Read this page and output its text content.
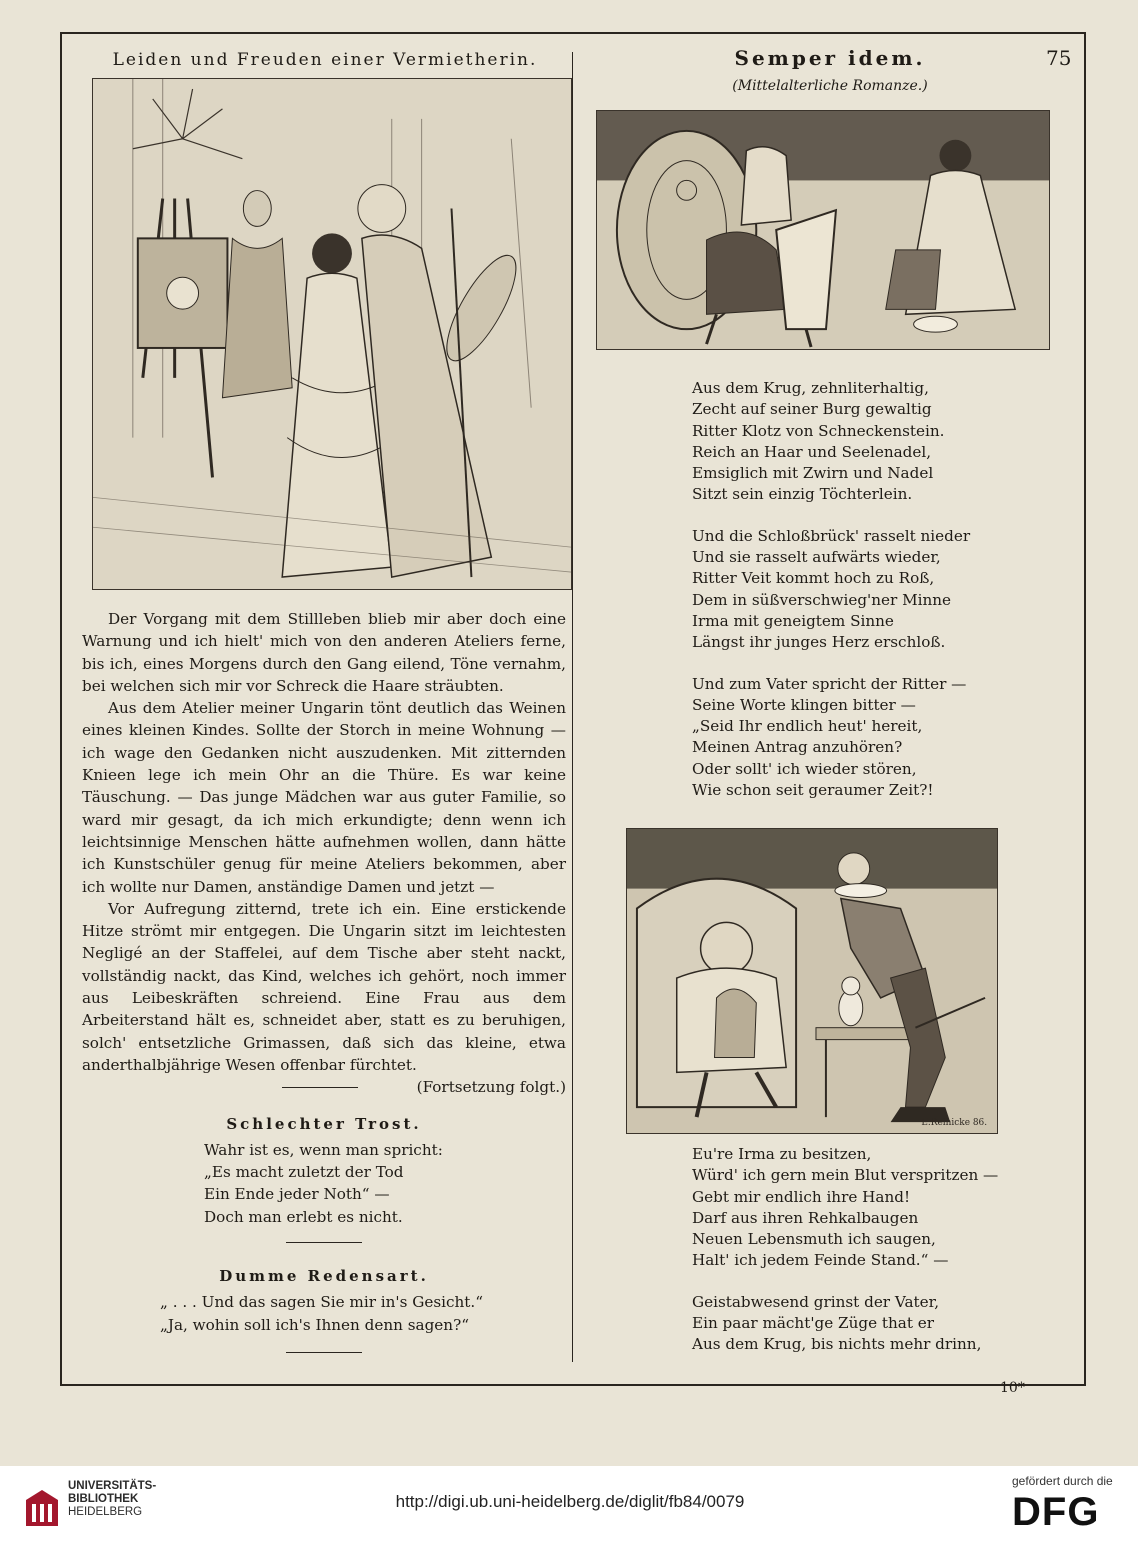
Leiden und Freuden einer Vermietherin.	Semper idem.	75
(Mittelalterliche Romanze.)
E.Reinicke 86.

Der Vorgang mit dem Stillleben blieb mir aber doch eine Warnung und ich hielt' mich von den anderen Ateliers ferne, bis ich, eines Morgens durch den Gang eilend, Töne vernahm, bei welchen sich mir vor Schreck die Haare sträubten.

Aus dem Atelier meiner Ungarin tönt deutlich das Weinen eines kleinen Kindes. Sollte der Storch in meine Wohnung — ich wage den Gedanken nicht auszudenken. Mit zitternden Knieen lege ich mein Ohr an die Thüre. Es war keine Täuschung. — Das junge Mädchen war aus guter Familie, so ward mir gesagt, da ich mich erkundigte; denn wenn ich leichtsinnige Menschen hätte aufnehmen wollen, dann hätte ich Kunstschüler genug für meine Ateliers bekommen, aber ich wollte nur Damen, anständige Damen und jetzt —

Vor Aufregung zitternd, trete ich ein. Eine erstickende Hitze strömt mir entgegen. Die Ungarin sitzt im leichtesten Negligé an der Staffelei, auf dem Tische aber steht nackt, vollständig nackt, das Kind, welches ich gehört, noch immer aus Leibeskräften schreiend. Eine Frau aus dem Arbeiterstand hält es, schneidet aber, statt es zu beruhigen, solch' entsetzliche Grimassen, daß sich das kleine, etwa anderthalbjährige Wesen offenbar fürchtet.

(Fortsetzung folgt.)
Schlechter Trost.
Wahr ist es, wenn man spricht:
„Es macht zuletzt der Tod
Ein Ende jeder Noth“ —
Doch man erlebt es nicht.
Dumme Redensart.
„ . . . Und das sagen Sie mir in's Gesicht.“
„Ja, wohin soll ich's Ihnen denn sagen?“
Aus dem Krug, zehnliterhaltig,
Zecht auf seiner Burg gewaltig
Ritter Klotz von Schneckenstein.
Reich an Haar und Seelenadel,
Emsiglich mit Zwirn und Nadel
Sitzt sein einzig Töchterlein.
Und die Schloßbrück' rasselt nieder
Und sie rasselt aufwärts wieder,
Ritter Veit kommt hoch zu Roß,
Dem in süßverschwieg'ner Minne
Irma mit geneigtem Sinne
Längst ihr junges Herz erschloß.
Und zum Vater spricht der Ritter —
Seine Worte klingen bitter —
„Seid Ihr endlich heut' hereit,
Meinen Antrag anzuhören?
Oder sollt' ich wieder stören,
Wie schon seit geraumer Zeit?!
Eu're Irma zu besitzen,
Würd' ich gern mein Blut verspritzen —
Gebt mir endlich ihre Hand!
Darf aus ihren Rehkalbaugen
Neuen Lebensmuth ich saugen,
Halt' ich jedem Feinde Stand.“ —
Geistabwesend grinst der Vater,
Ein paar mächt'ge Züge that er
Aus dem Krug, bis nichts mehr drinn,
10*
UNIVERSITÄTS-
BIBLIOTHEK
HEIDELBERG
http://digi.ub.uni-heidelberg.de/diglit/fb84/0079
gefördert durch die
DFG
